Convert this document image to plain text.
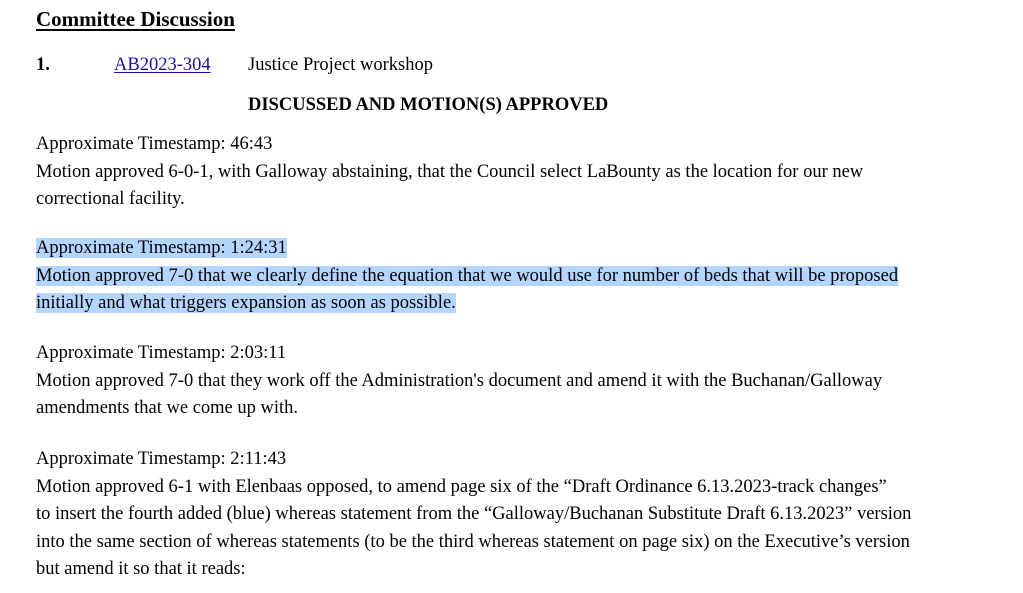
Committee Discussion
1.	AB2023-304 Justice Project workshop
DISCUSSED AND MOTION(S) APPROVED

Approximate Timestamp: 46:43

Motion approved 6-0-1, with Galloway abstaining, that the Council select LaBounty as the location for our new

correctional facility.

Approximate Timestamp: 1:24:31

Motion approved 7-0 that we clearly define the equation that we would use for number of beds that will be proposed

initially and what triggers expansion as soon as possible.

Approximate Timestamp: 2:03:11

Motion approved 7-0 that they work off the Administration's document and amend it with the Buchanan/Galloway

amendments that we come up with.

Approximate Timestamp: 2:11:43

Motion approved 6-1 with Elenbaas opposed, to amend page six of the “Draft Ordinance 6.13.2023-track changes”

to insert the fourth added (blue) whereas statement from the “Galloway/Buchanan Substitute Draft 6.13.2023” version

into the same section of whereas statements (to be the third whereas statement on page six) on the Executive’s version

but amend it so that it reads:
